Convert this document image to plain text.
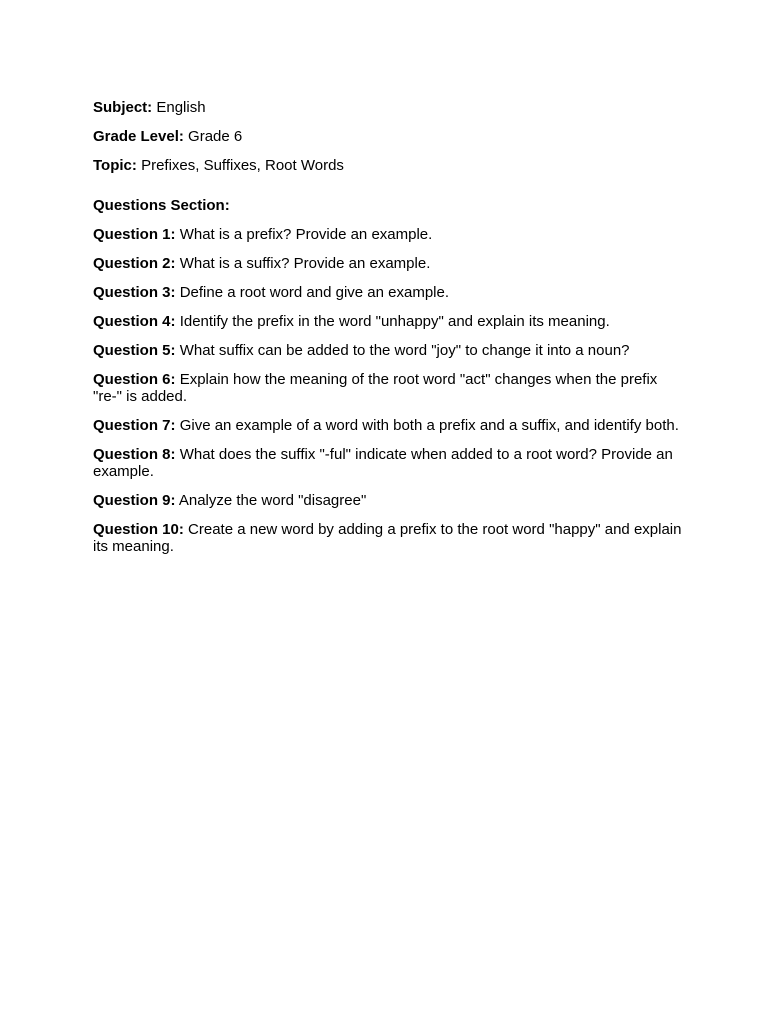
Subject: English

Grade Level: Grade 6

Topic: Prefixes, Suffixes, Root Words

Questions Section:

Question 1: What is a prefix? Provide an example.

Question 2: What is a suffix? Provide an example.

Question 3: Define a root word and give an example.

Question 4: Identify the prefix in the word "unhappy" and explain its meaning.

Question 5: What suffix can be added to the word "joy" to change it into a noun?

Question 6: Explain how the meaning of the root word "act" changes when the prefix "re-" is added.

Question 7: Give an example of a word with both a prefix and a suffix, and identify both.

Question 8: What does the suffix "-ful" indicate when added to a root word? Provide an example.

Question 9: Analyze the word "disagree"

Question 10: Create a new word by adding a prefix to the root word "happy" and explain its meaning.
